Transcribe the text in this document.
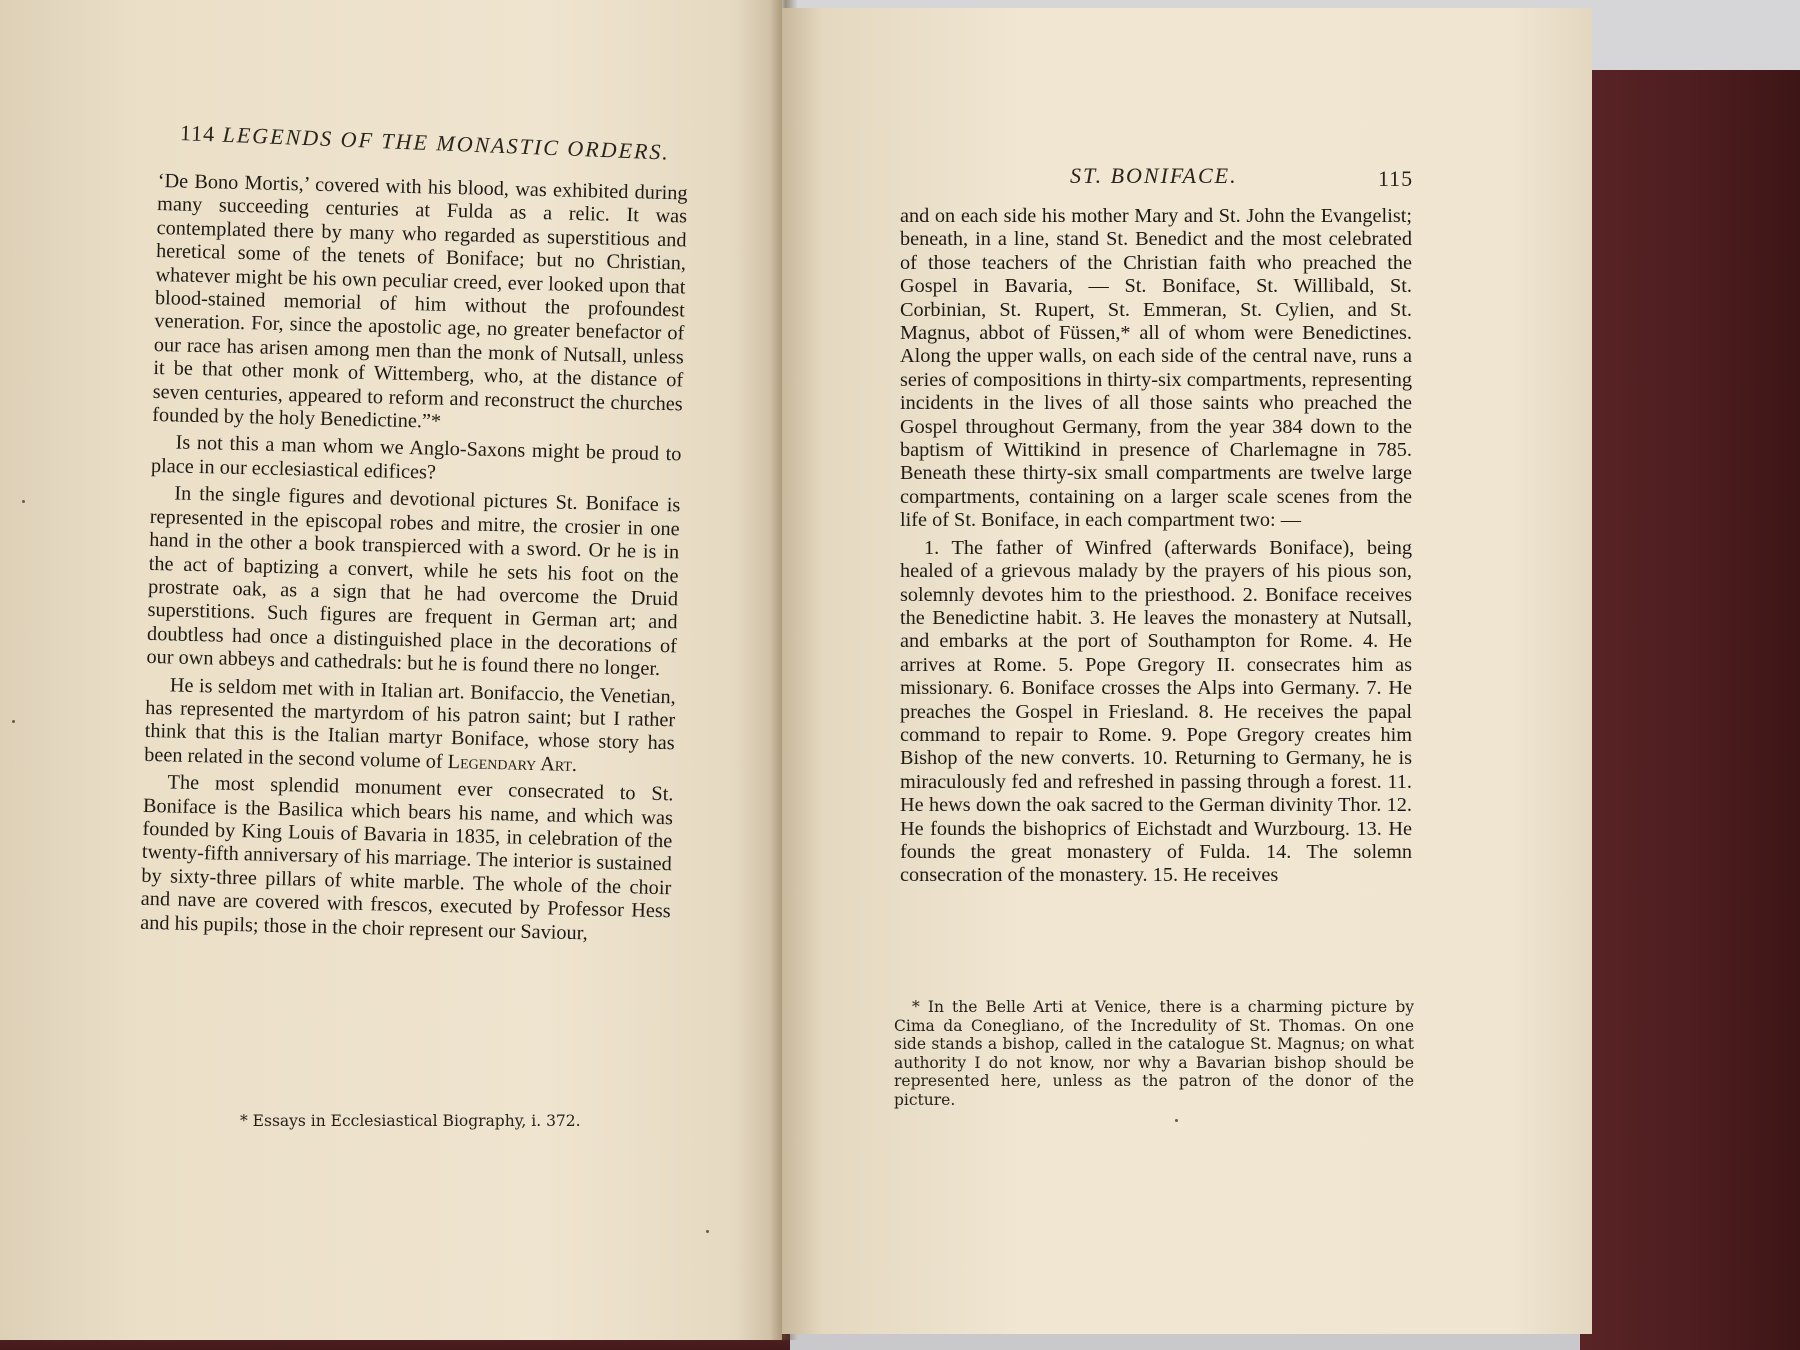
114 LEGENDS OF THE MONASTIC ORDERS.

‘De Bono Mortis,’ covered with his blood, was exhibited during many succeeding centuries at Fulda as a relic. It was contemplated there by many who regarded as superstitious and heretical some of the tenets of Boniface; but no Christian, whatever might be his own peculiar creed, ever looked upon that blood-stained memorial of him without the profoundest veneration. For, since the apostolic age, no greater benefactor of our race has arisen among men than the monk of Nutsall, unless it be that other monk of Wittemberg, who, at the distance of seven centuries, appeared to reform and reconstruct the churches founded by the holy Benedictine.”*

Is not this a man whom we Anglo-Saxons might be proud to place in our ecclesiastical edifices?

In the single figures and devotional pictures St. Boniface is represented in the episcopal robes and mitre, the crosier in one hand in the other a book transpierced with a sword. Or he is in the act of baptizing a convert, while he sets his foot on the prostrate oak, as a sign that he had overcome the Druid superstitions. Such figures are frequent in German art; and doubtless had once a distinguished place in the decorations of our own abbeys and cathedrals: but he is found there no longer.

He is seldom met with in Italian art. Bonifaccio, the Venetian, has represented the martyrdom of his patron saint; but I rather think that this is the Italian martyr Boniface, whose story has been related in the second volume of Legendary Art.

The most splendid monument ever consecrated to St. Boniface is the Basilica which bears his name, and which was founded by King Louis of Bavaria in 1835, in celebration of the twenty-fifth anniversary of his marriage. The interior is sustained by sixty-three pillars of white marble. The whole of the choir and nave are covered with frescos, executed by Professor Hess and his pupils; those in the choir represent our Saviour,

* Essays in Ecclesiastical Biography, i. 372.
ST. BONIFACE.	115

and on each side his mother Mary and St. John the Evangelist; beneath, in a line, stand St. Benedict and the most celebrated of those teachers of the Christian faith who preached the Gospel in Bavaria, — St. Boniface, St. Willibald, St. Corbinian, St. Rupert, St. Emmeran, St. Cylien, and St. Magnus, abbot of Füssen,* all of whom were Benedictines. Along the upper walls, on each side of the central nave, runs a series of compositions in thirty-six compartments, representing incidents in the lives of all those saints who preached the Gospel throughout Germany, from the year 384 down to the baptism of Wittikind in presence of Charlemagne in 785. Beneath these thirty-six small compartments are twelve large compartments, containing on a larger scale scenes from the life of St. Boniface, in each compartment two: —

1. The father of Winfred (afterwards Boniface), being healed of a grievous malady by the prayers of his pious son, solemnly devotes him to the priesthood. 2. Boniface receives the Benedictine habit. 3. He leaves the monastery at Nutsall, and embarks at the port of Southampton for Rome. 4. He arrives at Rome. 5. Pope Gregory II. consecrates him as missionary. 6. Boniface crosses the Alps into Germany. 7. He preaches the Gospel in Friesland. 8. He receives the papal command to repair to Rome. 9. Pope Gregory creates him Bishop of the new converts. 10. Returning to Germany, he is miraculously fed and refreshed in passing through a forest. 11. He hews down the oak sacred to the German divinity Thor. 12. He founds the bishoprics of Eichstadt and Wurzbourg. 13. He founds the great monastery of Fulda. 14. The solemn consecration of the monastery. 15. He receives

* In the Belle Arti at Venice, there is a charming picture by Cima da Conegliano, of the Incredulity of St. Thomas. On one side stands a bishop, called in the catalogue St. Magnus; on what authority I do not know, nor why a Bavarian bishop should be represented here, unless as the patron of the donor of the picture.
